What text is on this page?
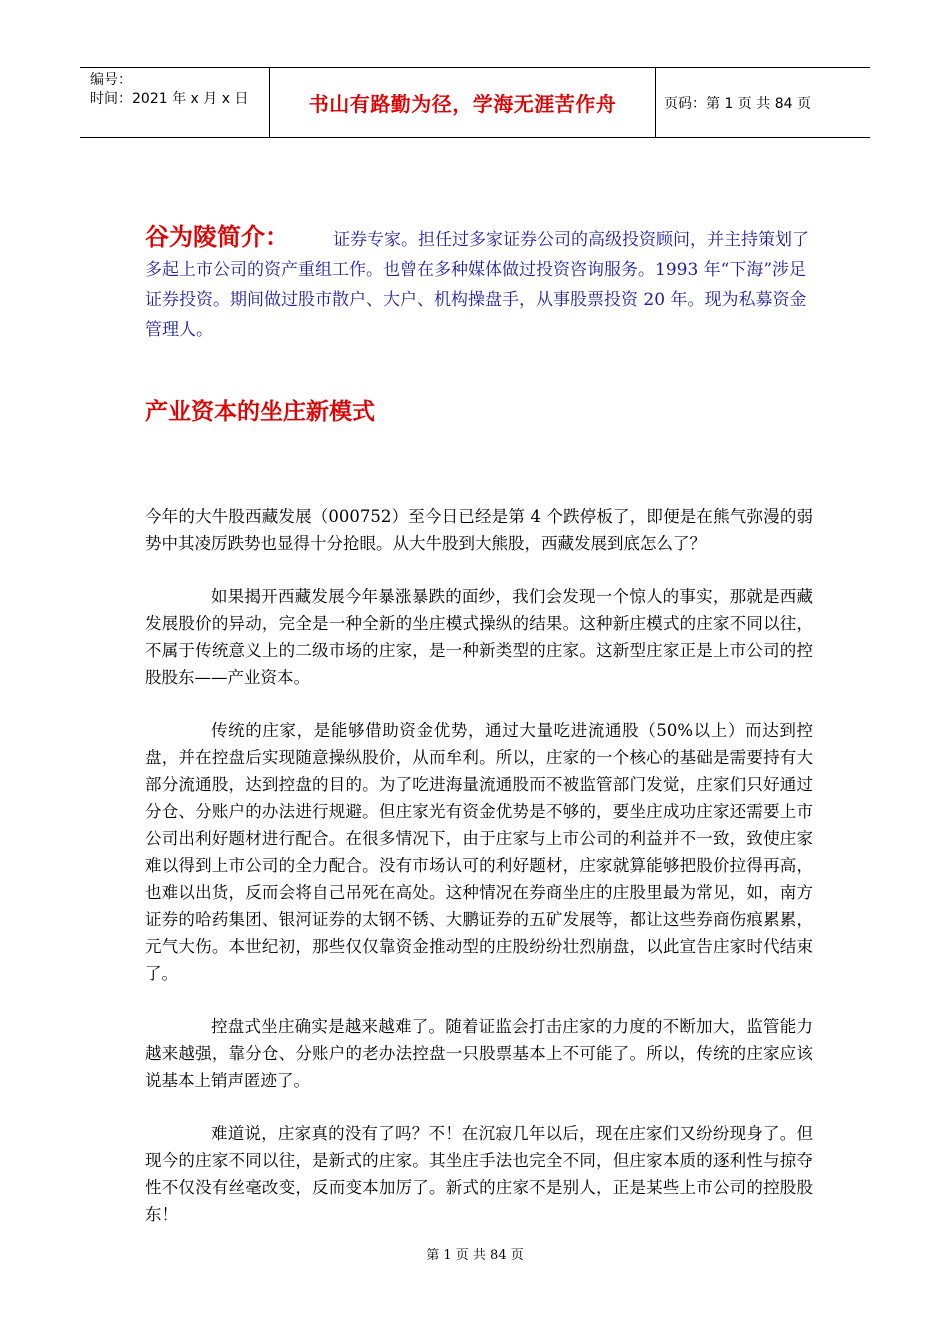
编号：
时间：2021 年 x 月 x 日	书山有路勤为径，学海无涯苦作舟	页码：第 1 页 共 84 页
谷为陵简介：	证券专家。担任过多家证券公司的高级投资顾问，并主持策划了多起上市公司的资产重组工作。也曾在多种媒体做过投资咨询服务。1993 年“下海”涉足证券投资。期间做过股市散户、大户、机构操盘手，从事股票投资 20 年。现为私募资金管理人。
产业资本的坐庄新模式

今年的大牛股西藏发展（000752）至今日已经是第 4 个跌停板了，即便是在熊气弥漫的弱势中其凌厉跌势也显得十分抢眼。从大牛股到大熊股，西藏发展到底怎么了？

如果揭开西藏发展今年暴涨暴跌的面纱，我们会发现一个惊人的事实，那就是西藏发展股价的异动，完全是一种全新的坐庄模式操纵的结果。这种新庄模式的庄家不同以往，不属于传统意义上的二级市场的庄家，是一种新类型的庄家。这新型庄家正是上市公司的控股股东——产业资本。

传统的庄家，是能够借助资金优势，通过大量吃进流通股（50%以上）而达到控盘，并在控盘后实现随意操纵股价，从而牟利。所以，庄家的一个核心的基础是需要持有大部分流通股，达到控盘的目的。为了吃进海量流通股而不被监管部门发觉，庄家们只好通过分仓、分账户的办法进行规避。但庄家光有资金优势是不够的，要坐庄成功庄家还需要上市公司出利好题材进行配合。在很多情况下，由于庄家与上市公司的利益并不一致，致使庄家难以得到上市公司的全力配合。没有市场认可的利好题材，庄家就算能够把股价拉得再高，也难以出货，反而会将自己吊死在高处。这种情况在券商坐庄的庄股里最为常见，如，南方证券的哈药集团、银河证券的太钢不锈、大鹏证券的五矿发展等，都让这些券商伤痕累累，元气大伤。本世纪初，那些仅仅靠资金推动型的庄股纷纷壮烈崩盘，以此宣告庄家时代结束了。

控盘式坐庄确实是越来越难了。随着证监会打击庄家的力度的不断加大，监管能力越来越强，靠分仓、分账户的老办法控盘一只股票基本上不可能了。所以，传统的庄家应该说基本上销声匿迹了。

难道说，庄家真的没有了吗？不！在沉寂几年以后，现在庄家们又纷纷现身了。但现今的庄家不同以往，是新式的庄家。其坐庄手法也完全不同，但庄家本质的逐利性与掠夺性不仅没有丝毫改变，反而变本加厉了。新式的庄家不是别人，正是某些上市公司的控股股东！

第 1 页 共 84 页
